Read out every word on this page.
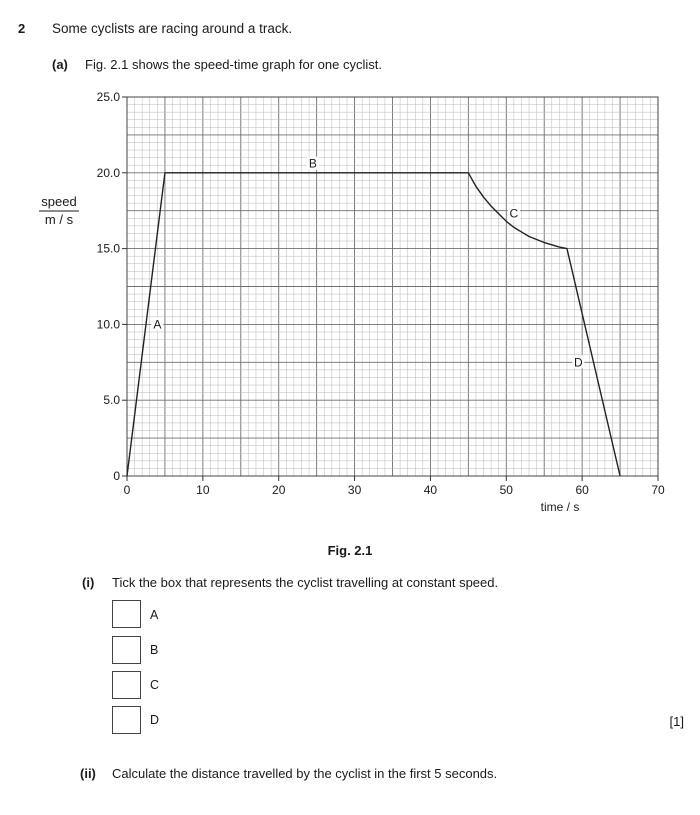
2 Some cyclists are racing around a track.
(a) Fig. 2.1 shows the speed-time graph for one cyclist.
0	10	20	30	40	50	60	70
0
5.0
10.0
15.0
20.0
25.0
speed
m / s
time / s
A
B
C
D
Fig. 2.1
(i) Tick the box that represents the cyclist travelling at constant speed.
A
B
C
D	[1]
(ii) Calculate the distance travelled by the cyclist in the first 5 seconds.
